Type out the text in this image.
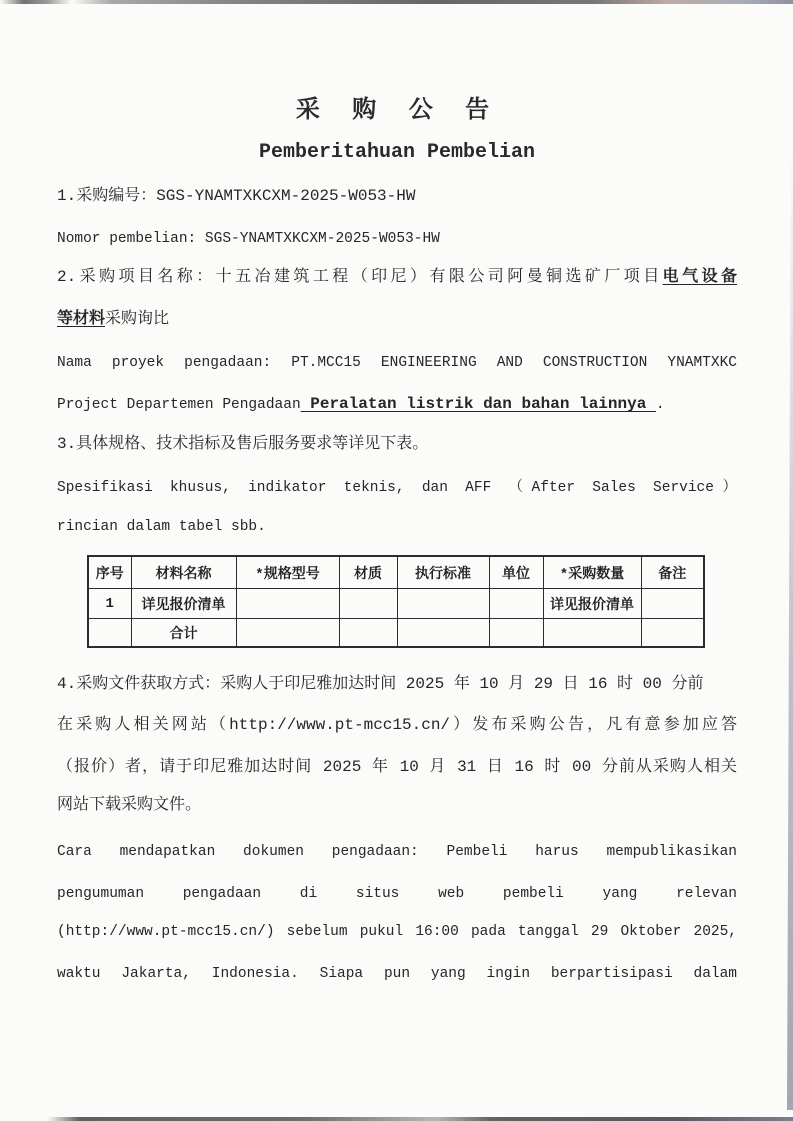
采 购 公 告
Pemberitahuan Pembelian
1.采购编号：SGS-YNAMTXKCXM-2025-W053-HW
Nomor pembelian: SGS-YNAMTXKCXM-2025-W053-HW
2.采购项目名称：十五冶建筑工程（印尼）有限公司阿曼铜选矿厂项目电气设备
等材料采购询比
Nama proyek pengadaan: PT.MCC15 ENGINEERING AND CONSTRUCTION YNAMTXKC
Project Departemen Pengadaan Peralatan listrik dan bahan lainnya .
3.具体规格、技术指标及售后服务要求等详见下表。
Spesifikasi khusus, indikator teknis, dan AFF （After Sales Service）
rincian dalam tabel sbb.
序号	材料名称	*规格型号	材质	执行标准	单位	*采购数量	备注
1	详见报价清单					详见报价清单	
	合计						
4.采购文件获取方式：采购人于印尼雅加达时间 2025 年 10 月 29 日 16 时 00 分前
在采购人相关网站（http://www.pt-mcc15.cn/）发布采购公告，凡有意参加应答
（报价）者，请于印尼雅加达时间 2025 年 10 月 31 日 16 时 00 分前从采购人相关
网站下载采购文件。
Cara mendapatkan dokumen pengadaan: Pembeli harus mempublikasikan
pengumuman pengadaan di situs web pembeli yang relevan
(http://www.pt-mcc15.cn/) sebelum pukul 16:00 pada tanggal 29 Oktober 2025,
waktu Jakarta, Indonesia. Siapa pun yang ingin berpartisipasi dalam
